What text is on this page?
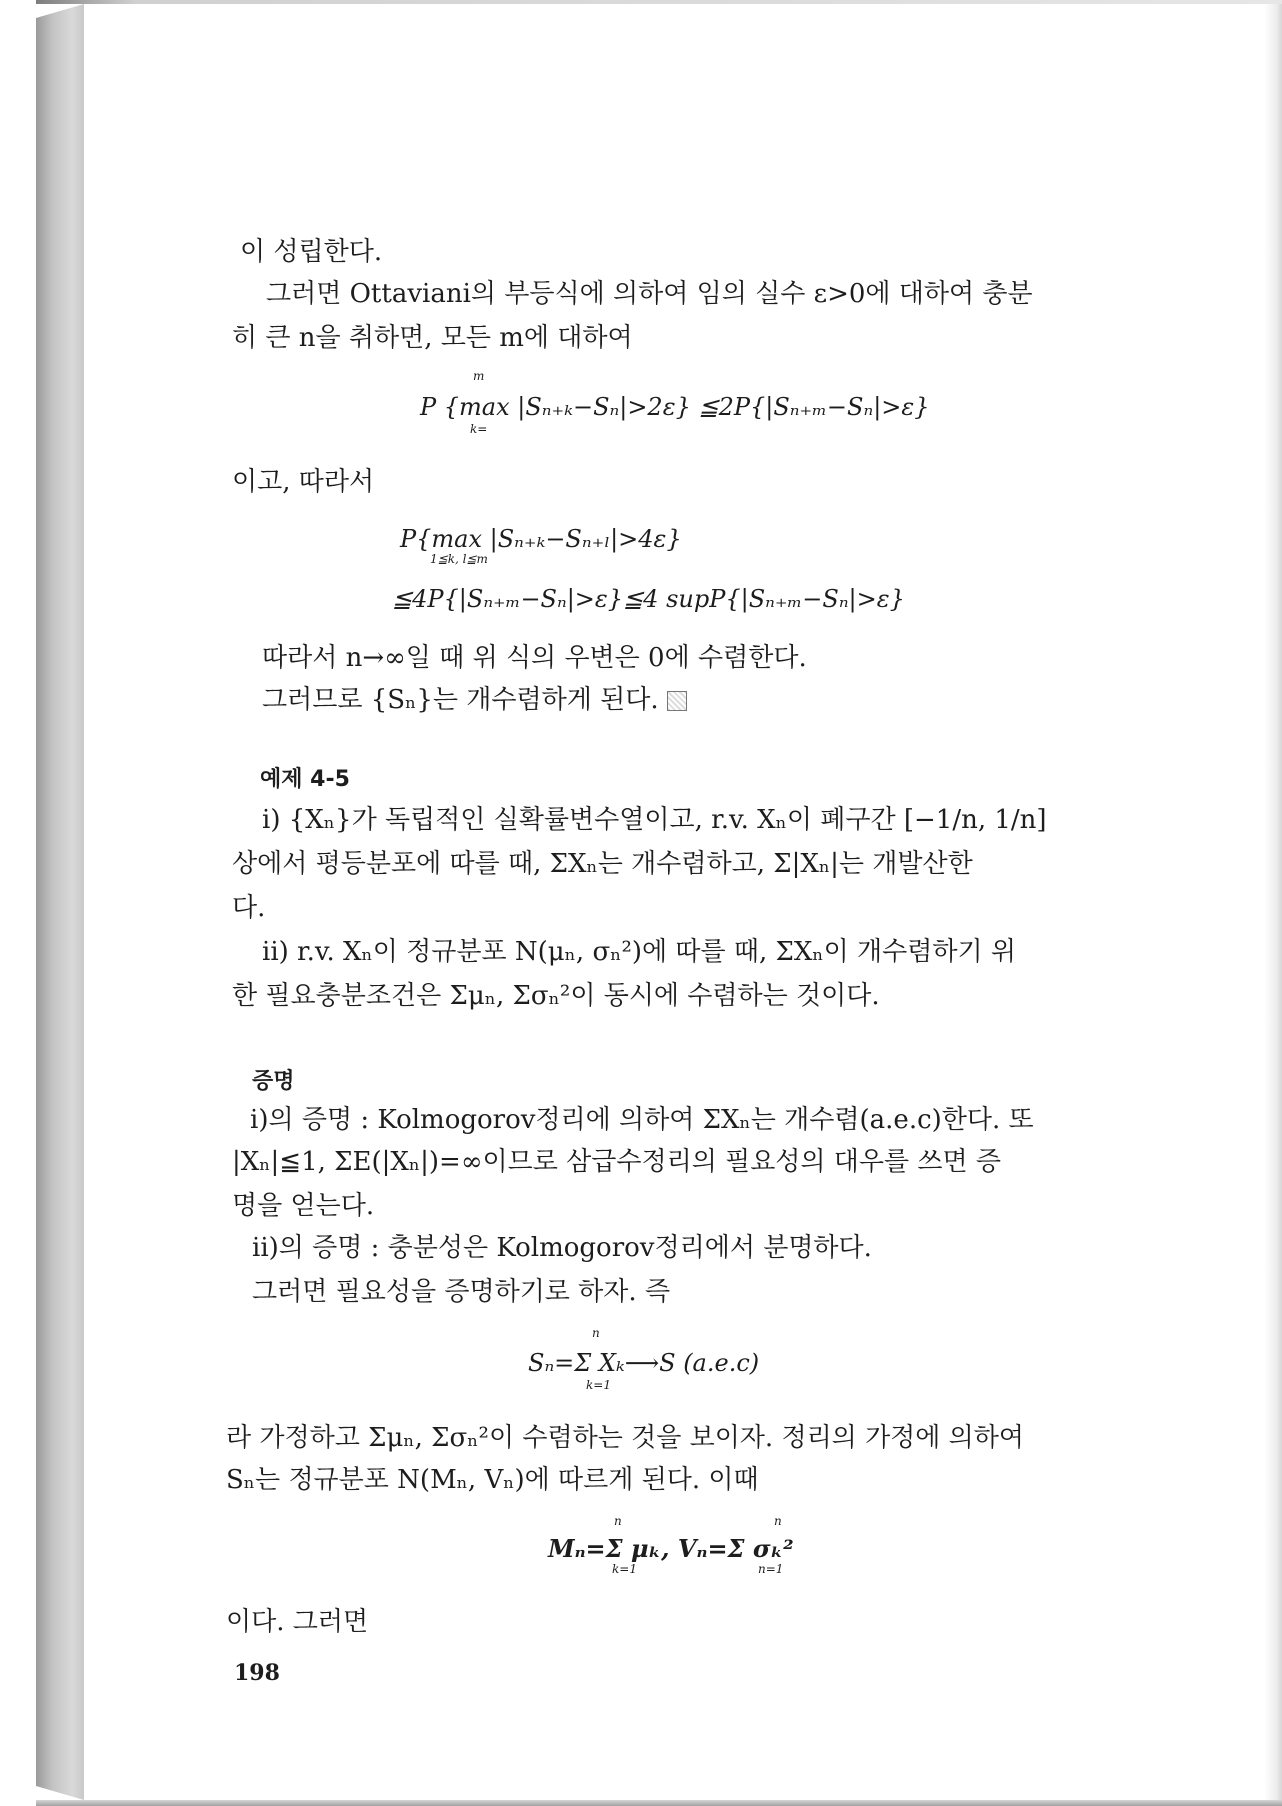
이 성립한다.
그러면 Ottaviani의 부등식에 의하여 임의 실수 ε>0에 대하여 충분
히 큰 n을 취하면, 모든 m에 대하여
P {max |Sₙ₊ₖ−Sₙ|>2ε} ≦2P{|Sₙ₊ₘ−Sₙ|>ε}
m
k=
이고, 따라서
P{max |Sₙ₊ₖ−Sₙ₊ₗ|>4ε}
1≦k, l≦m
≦4P{|Sₙ₊ₘ−Sₙ|>ε}≦4 supP{|Sₙ₊ₘ−Sₙ|>ε}
따라서 n→∞일 때 위 식의 우변은 0에 수렴한다.
그러므로 {Sₙ}는 개수렴하게 된다.
예제 4-5
i) {Xₙ}가 독립적인 실확률변수열이고, r.v. Xₙ이 폐구간 [−1/n, 1/n]
상에서 평등분포에 따를 때, ΣXₙ는 개수렴하고, Σ|Xₙ|는 개발산한
다.
ii) r.v. Xₙ이 정규분포 N(μₙ, σₙ²)에 따를 때, ΣXₙ이 개수렴하기 위
한 필요충분조건은 Σμₙ, Σσₙ²이 동시에 수렴하는 것이다.
증명
i)의 증명 : Kolmogorov정리에 의하여 ΣXₙ는 개수렴(a.e.c)한다. 또
|Xₙ|≦1, ΣE(|Xₙ|)=∞이므로 삼급수정리의 필요성의 대우를 쓰면 증
명을 얻는다.
ii)의 증명 : 충분성은 Kolmogorov정리에서 분명하다.
그러면 필요성을 증명하기로 하자. 즉
Sₙ=Σ Xₖ⟶S (a.e.c)
n
k=1
라 가정하고 Σμₙ, Σσₙ²이 수렴하는 것을 보이자. 정리의 가정에 의하여
Sₙ는 정규분포 N(Mₙ, Vₙ)에 따르게 된다. 이때
Mₙ=Σ μₖ, Vₙ=Σ σₖ²
n
k=1
n
n=1
이다. 그러면
198
